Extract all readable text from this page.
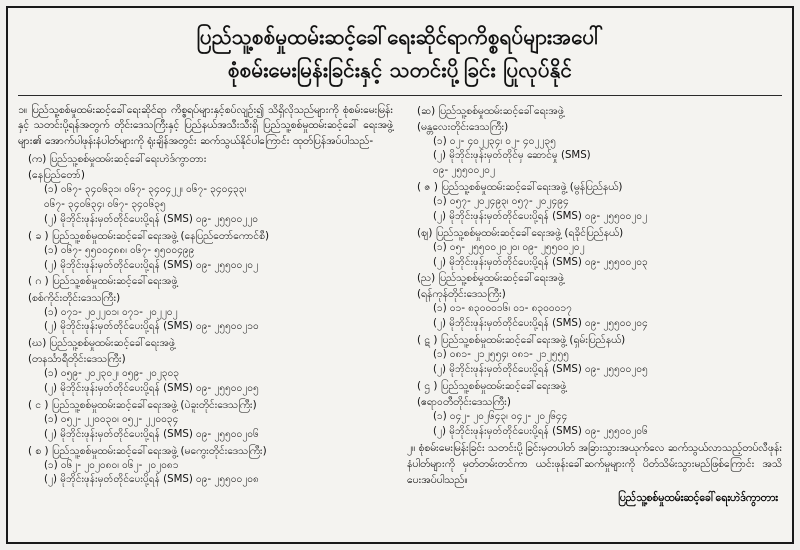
ပြည်သူ့စစ်မှုထမ်းဆင့်ခေါ်ရေးဆိုင်ရာကိစ္စရပ်များအပေါ်
စုံစမ်းမေးမြန်းခြင်းနှင့် သတင်းပို့ခြင်း ပြုလုပ်နိုင်
၁။ ပြည်သူ့စစ်မှုထမ်းဆင့်ခေါ်ရေးဆိုင်ရာ ကိစ္စရပ်များနှင့်စပ်လျဉ်း၍ သိရှိလိုသည်များကို စုံစမ်းမေးမြန်းနှင့် သတင်းပို့ရန်အတွက် တိုင်းဒေသကြီးနှင့် ပြည်နယ်အသီးသီးရှိ ပြည်သူ့စစ်မှုထမ်းဆင့်ခေါ် ရေးအဖွဲ့များ၏ အောက်ပါဖုန်းနံပါတ်များကို ရုံးချိန်အတွင်း ဆက်သွယ်နိုင်ပါကြောင်း ထုတ်ပြန်အပ်ပါသည်-
(က) ပြည်သူ့စစ်မှုထမ်းဆင့်ခေါ်ရေးဟဲဒ်ကွာတား
(နေပြည်တော်)
(၁) ၀၆၇- ၃၄၀၆၃၁၊ ၀၆၇- ၃၄၀၄၂၂၊ ၀၆၇- ၃၄၀၄၃၃၊
၀၆၇- ၃၄၀၆၃၄၊ ၀၆၇- ၃၄၀၆၃၅
(၂) မိုဘိုင်းဖုန်းမှတ်တိုင်ပေးပို့ရန် (SMS) ၀၉- ၂၅၅၀၀၂၂၀
( ခ ) ပြည်သူ့စစ်မှုထမ်းဆင့်ခေါ်ရေးအဖွဲ့ (နေပြည်တော်ကောင်စီ)
(၁) ၀၆၇- ၅၅၀၀၄၈၈၊ ၀၆၇- ၅၅၀၀၄၉၉
(၂) မိုဘိုင်းဖုန်းမှတ်တိုင်ပေးပို့ရန် (SMS) ၀၉- ၂၅၅၀၀၂၀၂
( ဂ ) ပြည်သူ့စစ်မှုထမ်းဆင့်ခေါ်ရေးအဖွဲ့
(စစ်ကိုင်းတိုင်းဒေသကြီး)
(၁) ၀၇၁- ၂၀၂၂၀၁၊ ၀၇၁- ၂၀၂၂၀၂
(၂) မိုဘိုင်းဖုန်းမှတ်တိုင်ပေးပို့ရန် (SMS) ၀၉- ၂၅၅၀၀၂၁၀
(ဃ) ပြည်သူ့စစ်မှုထမ်းဆင့်ခေါ်ရေးအဖွဲ့
(တနင်္သာရီတိုင်းဒေသကြီး)
(၁) ၀၅၉- ၂၀၂၃၀၂၊ ၀၅၉- ၂၀၂၃၀၃
(၂) မိုဘိုင်းဖုန်းမှတ်တိုင်ပေးပို့ရန် (SMS) ၀၉- ၂၅၅၀၀၂၀၅
( င ) ပြည်သူ့စစ်မှုထမ်းဆင့်ခေါ်ရေးအဖွဲ့ (ပဲခူးတိုင်းဒေသကြီး)
(၁) ၀၅၂- ၂၂၀၀၃၀၊ ၀၅၂- ၂၂၀၀၃၄
(၂) မိုဘိုင်းဖုန်းမှတ်တိုင်ပေးပို့ရန် (SMS) ၀၉- ၂၅၅၀၀၂၀၆
( စ ) ပြည်သူ့စစ်မှုထမ်းဆင့်ခေါ်ရေးအဖွဲ့ (မကွေးတိုင်းဒေသကြီး)
(၁) ၀၆၂- ၂၀၂၀၈၀၊ ၀၆၂- ၂၀၂၀၈၁
(၂) မိုဘိုင်းဖုန်းမှတ်တိုင်ပေးပို့ရန် (SMS) ၀၉- ၂၅၅၀၀၂၀၈
(ဆ) ပြည်သူ့စစ်မှုထမ်းဆင့်ခေါ်ရေးအဖွဲ့
(မန္တလေးတိုင်းဒေသကြီး)
(၁) ၀၂- ၄၀၂၂၃၄၊ ၀၂- ၄၀၂၂၃၅
(၂) မိုဘိုင်းဖုန်းမှတ်တိုင်မှ ဆောင်မှု (SMS)
၀၉- ၂၅၅၀၀၂၀၂
( ဇ ) ပြည်သူ့စစ်မှုထမ်းဆင့်ခေါ်ရေးအဖွဲ့ (မွန်ပြည်နယ်)
(၁) ၀၅၇- ၂၀၂၄၉၃၊ ၀၅၇- ၂၀၂၄၉၄
(၂) မိုဘိုင်းဖုန်းမှတ်တိုင်ပေးပို့ရန် (SMS) ၀၉- ၂၅၅၀၀၂၀၂
(ဈ) ပြည်သူ့စစ်မှုထမ်းဆင့်ခေါ်ရေးအဖွဲ့ (ရခိုင်ပြည်နယ်)
(၁) ၀၅- ၂၅၅၀၀၂၀၂၀၊ ၀၉- ၂၅၅၀၀၂၀၂
(၂) မိုဘိုင်းဖုန်းမှတ်တိုင်ပေးပို့ရန် (SMS) ၀၉- ၂၅၅၀၀၂၀၃
(ည) ပြည်သူ့စစ်မှုထမ်းဆင့်ခေါ်ရေးအဖွဲ့
(ရန်ကုန်တိုင်းဒေသကြီး)
(၁) ၀၁- ၈၃၀၀၀၁၆၊ ၀၁- ၈၃၀၀၀၁၇
(၂) မိုဘိုင်းဖုန်းမှတ်တိုင်ပေးပို့ရန် (SMS) ၀၉- ၂၅၅၀၀၂၀၄
( ဋ ) ပြည်သူ့စစ်မှုထမ်းဆင့်ခေါ်ရေးအဖွဲ့ (ရှမ်းပြည်နယ်)
(၁) ၀၈၁- ၂၁၂၅၅၄၊ ၀၈၁- ၂၁၂၅၅၅
(၂) မိုဘိုင်းဖုန်းမှတ်တိုင်ပေးပို့ရန် (SMS) ၀၉- ၂၅၅၀၀၂၀၅
( ဌ ) ပြည်သူ့စစ်မှုထမ်းဆင့်ခေါ်ရေးအဖွဲ့
(ဧရာဝတီတိုင်းဒေသကြီး)
(၁) ၀၄၂- ၂၀၂၆၄၃၊ ၀၄၂- ၂၀၂၆၄၄
(၂) မိုဘိုင်းဖုန်းမှတ်တိုင်ပေးပို့ရန် (SMS) ၀၉- ၂၅၅၀၀၂၀၆
၂။ စုံစမ်းမေးမြန်းခြင်း သတင်းပို့ခြင်းမှတပါတ် အခြားသွားအယုက်လေ ဆက်သွယ်လာသည့်တပ်လီဖုန်းနံပါတ်များကို မှတ်တမ်းတင်ကာ ယင်းဖုန်းခေါ်ဆက်မှုများကို ပိတ်သိမ်းသွားမည်ဖြစ်ကြောင်း အသိ ပေးအပ်ပါသည်။
ပြည်သူ့စစ်မှုထမ်းဆင့်ခေါ်ရေးဟဲဒ်ကွာတား
